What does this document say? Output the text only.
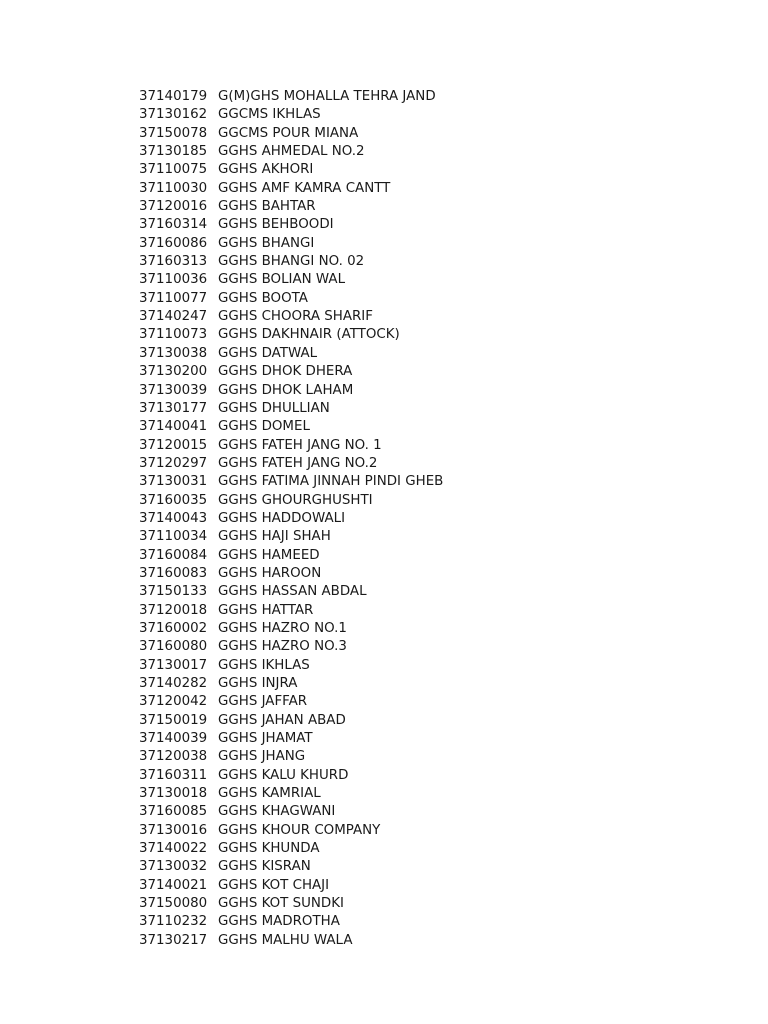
37140179 G(M)GHS MOHALLA TEHRA JAND
37130162 GGCMS IKHLAS
37150078 GGCMS POUR MIANA
37130185 GGHS AHMEDAL NO.2
37110075 GGHS AKHORI
37110030 GGHS AMF KAMRA CANTT
37120016 GGHS BAHTAR
37160314 GGHS BEHBOODI
37160086 GGHS BHANGI
37160313 GGHS BHANGI NO. 02
37110036 GGHS BOLIAN WAL
37110077 GGHS BOOTA
37140247 GGHS CHOORA SHARIF
37110073 GGHS DAKHNAIR (ATTOCK)
37130038 GGHS DATWAL
37130200 GGHS DHOK DHERA
37130039 GGHS DHOK LAHAM
37130177 GGHS DHULLIAN
37140041 GGHS DOMEL
37120015 GGHS FATEH JANG NO. 1
37120297 GGHS FATEH JANG NO.2
37130031 GGHS FATIMA JINNAH PINDI GHEB
37160035 GGHS GHOURGHUSHTI
37140043 GGHS HADDOWALI
37110034 GGHS HAJI SHAH
37160084 GGHS HAMEED
37160083 GGHS HAROON
37150133 GGHS HASSAN ABDAL
37120018 GGHS HATTAR
37160002 GGHS HAZRO NO.1
37160080 GGHS HAZRO NO.3
37130017 GGHS IKHLAS
37140282 GGHS INJRA
37120042 GGHS JAFFAR
37150019 GGHS JAHAN ABAD
37140039 GGHS JHAMAT
37120038 GGHS JHANG
37160311 GGHS KALU KHURD
37130018 GGHS KAMRIAL
37160085 GGHS KHAGWANI
37130016 GGHS KHOUR COMPANY
37140022 GGHS KHUNDA
37130032 GGHS KISRAN
37140021 GGHS KOT CHAJI
37150080 GGHS KOT SUNDKI
37110232 GGHS MADROTHA
37130217 GGHS MALHU WALA
